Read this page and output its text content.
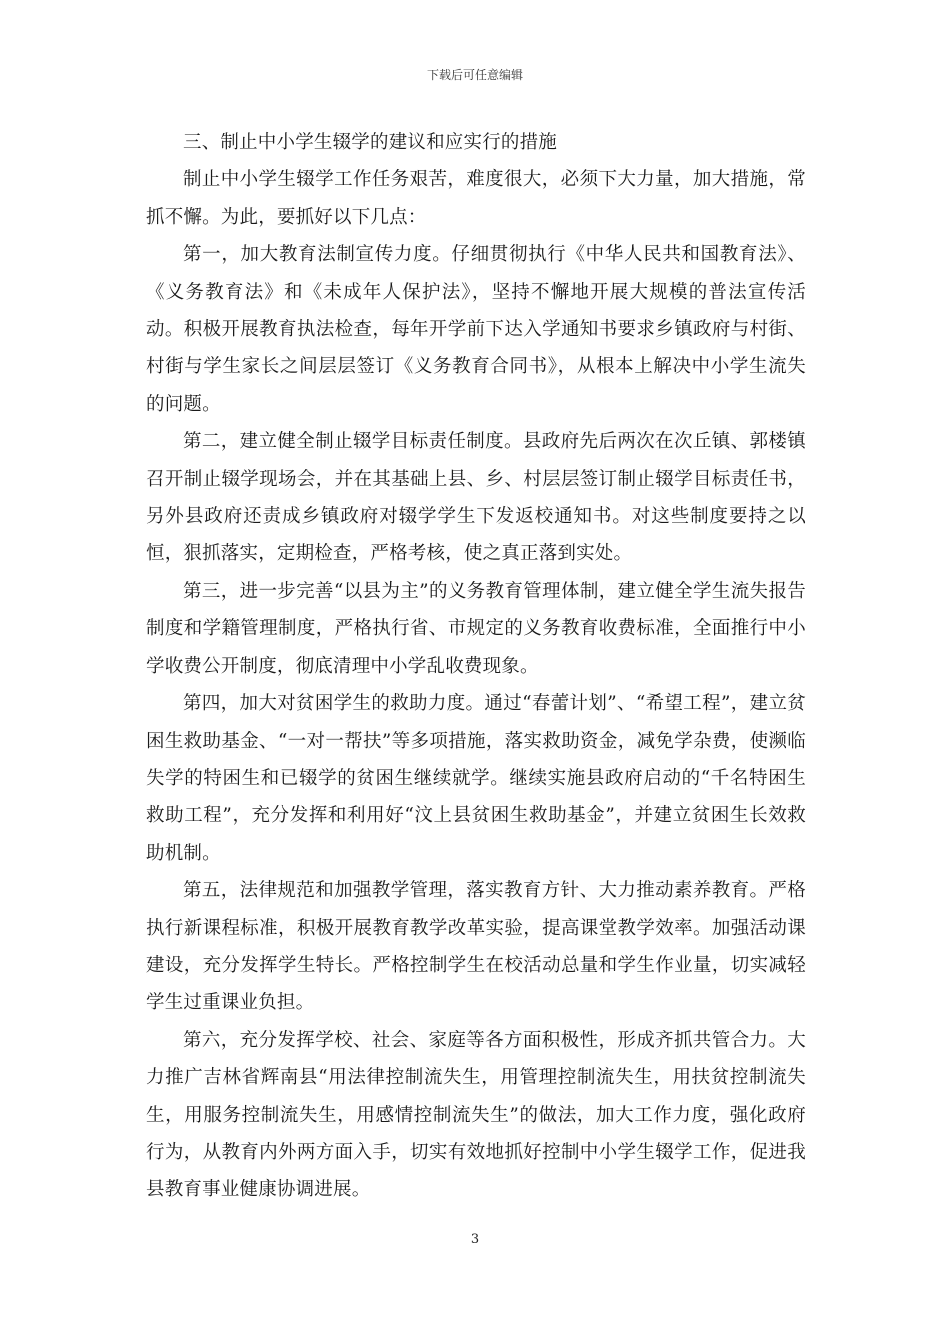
下载后可任意编辑

三、制止中小学生辍学的建议和应实行的措施

制止中小学生辍学工作任务艰苦，难度很大，必须下大力量，加大措施，常抓不懈。为此，要抓好以下几点：

第一，加大教育法制宣传力度。仔细贯彻执行《中华人民共和国教育法》、《义务教育法》和《未成年人保护法》，坚持不懈地开展大规模的普法宣传活动。积极开展教育执法检查，每年开学前下达入学通知书要求乡镇政府与村街、村街与学生家长之间层层签订《义务教育合同书》，从根本上解决中小学生流失的问题。

第二，建立健全制止辍学目标责任制度。县政府先后两次在次丘镇、郭楼镇召开制止辍学现场会，并在其基础上县、乡、村层层签订制止辍学目标责任书，另外县政府还责成乡镇政府对辍学学生下发返校通知书。对这些制度要持之以恒，狠抓落实，定期检查，严格考核，使之真正落到实处。

第三，进一步完善“以县为主”的义务教育管理体制，建立健全学生流失报告制度和学籍管理制度，严格执行省、市规定的义务教育收费标准，全面推行中小学收费公开制度，彻底清理中小学乱收费现象。

第四，加大对贫困学生的救助力度。通过“春蕾计划”、“希望工程”，建立贫困生救助基金、“一对一帮扶”等多项措施，落实救助资金，减免学杂费，使濒临失学的特困生和已辍学的贫困生继续就学。继续实施县政府启动的“千名特困生救助工程”，充分发挥和利用好“汶上县贫困生救助基金”，并建立贫困生长效救助机制。

第五，法律规范和加强教学管理，落实教育方针、大力推动素养教育。严格执行新课程标准，积极开展教育教学改革实验，提高课堂教学效率。加强活动课建设，充分发挥学生特长。严格控制学生在校活动总量和学生作业量，切实减轻学生过重课业负担。

第六，充分发挥学校、社会、家庭等各方面积极性，形成齐抓共管合力。大力推广吉林省辉南县“用法律控制流失生，用管理控制流失生，用扶贫控制流失生，用服务控制流失生，用感情控制流失生”的做法，加大工作力度，强化政府行为，从教育内外两方面入手，切实有效地抓好控制中小学生辍学工作，促进我县教育事业健康协调进展。

3
